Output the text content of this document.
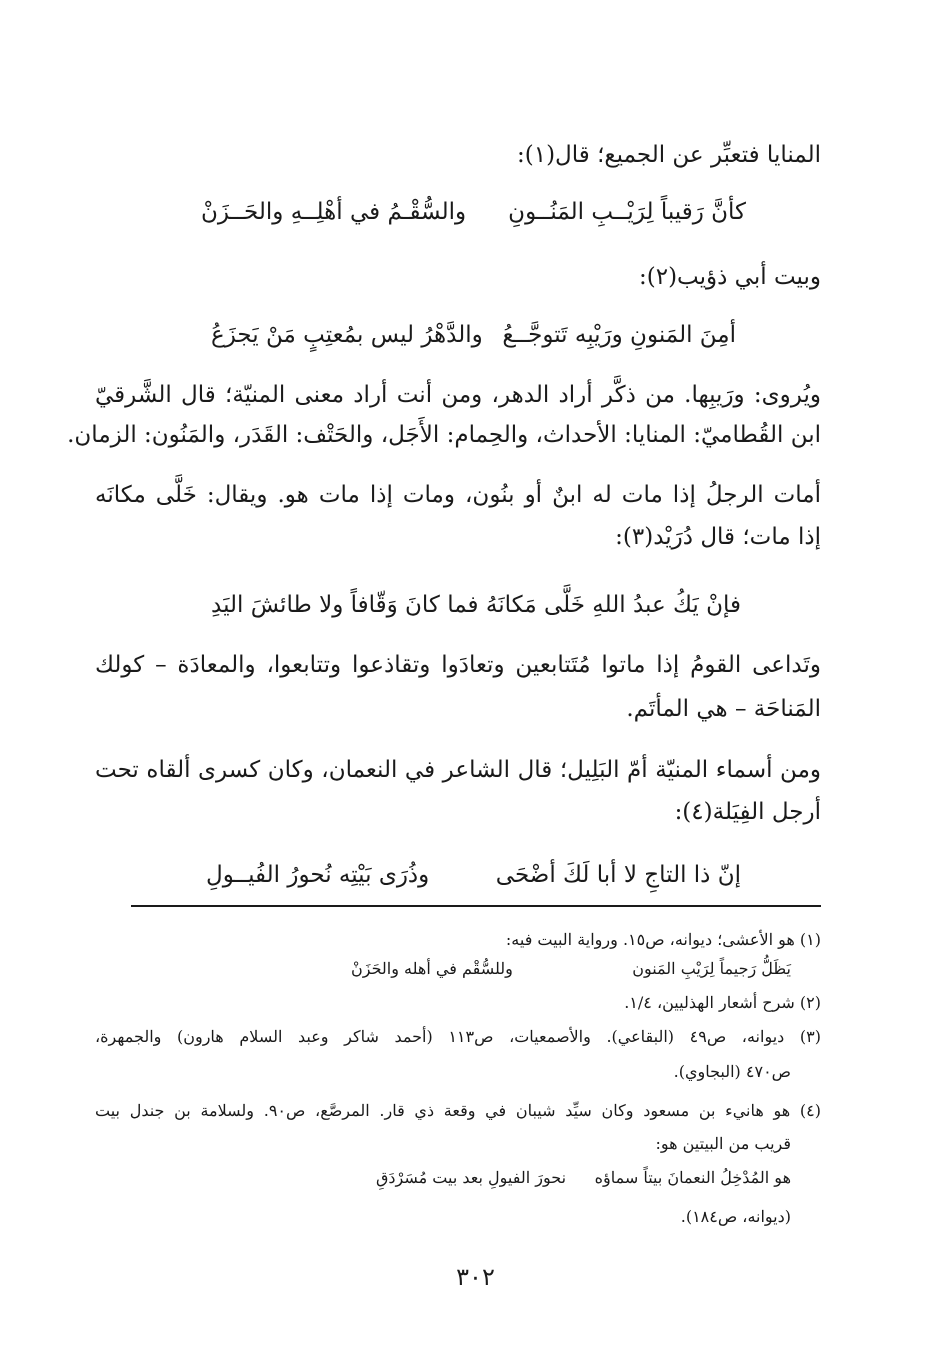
المنايا فتعبِّر عن الجميع؛ قال(١):
كأنَّ رَقيباً لِرَيْــبِ المَنُــونِ
والسُّقْـمُ في أهْلِــهِ والحَــزَنْ
وبيت أبي ذؤيب(٢):
أمِنَ المَنونِ ورَيْبِه تَتوجَّــعُ
والدَّهْرُ ليس بمُعتِبٍ مَنْ يَجزَعُ
ويُروى: ورَيبِها. من ذكَّر أراد الدهر، ومن أنت أراد معنى المنيّة؛ قال الشَّرقيّ
ابن القُطاميّ: المنايا: الأحداث، والحِمام: الأَجَل، والحَتْف: القَدَر، والمَنُون: الزمان.
أمات الرجلُ إذا مات له ابنٌ أو بنُون، ومات إذا مات هو. ويقال: خَلَّى مكانَه
إذا مات؛ قال دُرَيْد(٣):
فإنْ يَكُ عبدُ اللهِ خَلَّى مَكانَهُ
فما كانَ وَقّافاً ولا طائشَ اليَدِ
وتَداعى القومُ إذا ماتوا مُتَتابعين وتعادَوا وتقاذعوا وتتابعوا، والمعادَة – كولك
المَناحَة – هي المأتَم.
ومن أسماء المنيّة أمّ البَلِيل؛ قال الشاعر في النعمان، وكان كسرى ألقاه تحت
أرجل الفِيَلة(٤):
إنّ ذا التاجِ لا أبا لَكَ أضْحَى
وذُرَى بَيْتِه نُحورُ الفُيــولِ
(١) هو الأعشى؛ ديوانه، ص١٥. ورواية البيت فيه:
يَظَلُّ رَجيماً لِرَيْبِ المَنون
وللسُّقْم في أهله والحَزَنْ
(٢) شرح أشعار الهذليين، ١/٤.
(٣) ديوانه، ص٤٩ (البقاعي). والأصمعيات، ص١١٣ (أحمد شاكر وعبد السلام هارون) والجمهرة،
ص٤٧٠ (البجاوي).
(٤) هو هانيء بن مسعود وكان سيِّد شيبان في وقعة ذي قار. المرصَّع، ص٩٠. ولسلامة بن جندل بيت
قريب من البيتين هو:
هو المُدْخِلُ النعمانَ بيتاً سماؤه
نحورَ الفيولِ بعد بيت مُسَرْدَقِ
(ديوانه، ص١٨٤).
٣٠٢
